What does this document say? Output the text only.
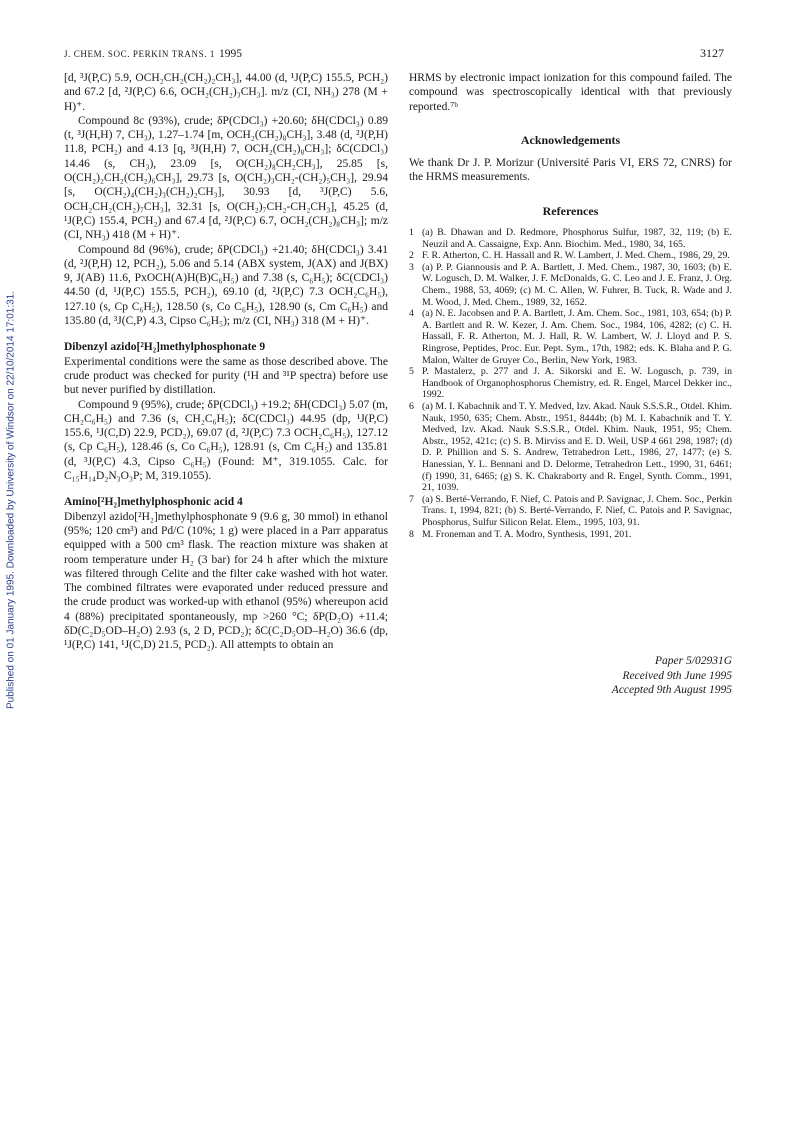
J. CHEM. SOC. PERKIN TRANS. 1 1995	3127
Published on 01 January 1995. Downloaded by University of Windsor on 22/10/2014 17:01:31.

[d, ³J(P,C) 5.9, OCH₂CH₂(CH₂)₂CH₃], 44.00 (d, ¹J(P,C) 155.5, PCH₂) and 67.2 [d, ²J(P,C) 6.6, OCH₂(CH₂)₃CH₃]. m/z (CI, NH₃) 278 (M + H)⁺.

Compound 8c (93%), crude; δP(CDCl₃) +20.60; δH(CDCl₃) 0.89 (t, ³J(H,H) 7, CH₃), 1.27–1.74 [m, OCH₂(CH₂)₈CH₃], 3.48 (d, ²J(P,H) 11.8, PCH₂) and 4.13 [q, ³J(H,H) 7, OCH₂(CH₂)₈CH₃]; δC(CDCl₃) 14.46 (s, CH₃), 23.09 [s, O(CH₂)₈CH₂CH₃], 25.85 [s, O(CH₂)₂CH₂(CH₂)₆CH₃], 29.73 [s, O(CH₂)₃CH₂-(CH₂)₅CH₃], 29.94 [s, O(CH₂)₄(CH₂)₃(CH₂)₂CH₃], 30.93 [d, ³J(P,C) 5.6, OCH₂CH₂(CH₂)₇CH₃], 32.31 [s, O(CH₂)₇CH₂-CH₂CH₃], 45.25 (d, ¹J(P,C) 155.4, PCH₂) and 67.4 [d, ²J(P,C) 6.7, OCH₂(CH₂)₈CH₃]; m/z (CI, NH₃) 418 (M + H)⁺.

Compound 8d (96%), crude; δP(CDCl₃) +21.40; δH(CDCl₃) 3.41 (d, ²J(P,H) 12, PCH₂), 5.06 and 5.14 (ABX system, J(AX) and J(BX) 9, J(AB) 11.6, PxOCH(A)H(B)C₆H₅) and 7.38 (s, C₆H₅); δC(CDCl₃) 44.50 (d, ¹J(P,C) 155.5, PCH₂), 69.10 (d, ²J(P,C) 7.3 OCH₂C₆H₅), 127.10 (s, Cp C₆H₅), 128.50 (s, Co C₆H₅), 128.90 (s, Cm C₆H₅) and 135.80 (d, ³J(C,P) 4.3, Cipso C₆H₅); m/z (CI, NH₃) 318 (M + H)⁺.

Dibenzyl azido[²H₂]methylphosphonate 9

Experimental conditions were the same as those described above. The crude product was checked for purity (¹H and ³¹P spectra) before use but never purified by distillation.

Compound 9 (95%), crude; δP(CDCl₃) +19.2; δH(CDCl₃) 5.07 (m, CH₂C₆H₅) and 7.36 (s, CH₂C₆H₅); δC(CDCl₃) 44.95 (dp, ¹J(P,C) 155.6, ¹J(C,D) 22.9, PCD₂), 69.07 (d, ²J(P,C) 7.3 OCH₂C₆H₅), 127.12 (s, Cp C₆H₅), 128.46 (s, Co C₆H₅), 128.91 (s, Cm C₆H₅) and 135.81 (d, ³J(P,C) 4.3, Cipso C₆H₅) (Found: M⁺, 319.1055. Calc. for C₁₅H₁₄D₂N₃O₃P; M, 319.1055).

Amino[²H₂]methylphosphonic acid 4

Dibenzyl azido[²H₂]methylphosphonate 9 (9.6 g, 30 mmol) in ethanol (95%; 120 cm³) and Pd/C (10%; 1 g) were placed in a Parr apparatus equipped with a 500 cm³ flask. The reaction mixture was shaken at room temperature under H₂ (3 bar) for 24 h after which the mixture was filtered through Celite and the filter cake washed with hot water. The combined filtrates were evaporated under reduced pressure and the crude product was worked-up with ethanol (95%) whereupon acid 4 (88%) precipitated spontaneously, mp >260 °C; δP(D₂O) +11.4; δD(C₂D₅OD–H₂O) 2.93 (s, 2 D, PCD₂); δC(C₂D₅OD–H₂O) 36.6 (dp, ¹J(P,C) 141, ¹J(C,D) 21.5, PCD₂). All attempts to obtain an

HRMS by electronic impact ionization for this compound failed. The compound was spectroscopically identical with that previously reported.⁷ᵇ

Acknowledgements

We thank Dr J. P. Morizur (Université Paris VI, ERS 72, CNRS) for the HRMS measurements.

References
1 (a) B. Dhawan and D. Redmore, Phosphorus Sulfur, 1987, 32, 119; (b) E. Neuzil and A. Cassaigne, Exp. Ann. Biochim. Med., 1980, 34, 165.
2 F. R. Atherton, C. H. Hassall and R. W. Lambert, J. Med. Chem., 1986, 29, 29.
3 (a) P. P. Giannousis and P. A. Bartlett, J. Med. Chem., 1987, 30, 1603; (b) E. W. Logusch, D. M. Walker, J. F. McDonalds, G. C. Leo and J. E. Franz, J. Org. Chem., 1988, 53, 4069; (c) M. C. Allen, W. Fuhrer, B. Tuck, R. Wade and J. M. Wood, J. Med. Chem., 1989, 32, 1652.
4 (a) N. E. Jacobsen and P. A. Bartlett, J. Am. Chem. Soc., 1981, 103, 654; (b) P. A. Bartlett and R. W. Kezer, J. Am. Chem. Soc., 1984, 106, 4282; (c) C. H. Hassall, F. R. Atherton, M. J. Hall, R. W. Lambert, W. J. Lloyd and P. S. Ringrose, Peptides, Proc. Eur. Pept. Sym., 17th, 1982; eds. K. Blaha and P. G. Malon, Walter de Gruyer Co., Berlin, New York, 1983.
5 P. Mastalerz, p. 277 and J. A. Sikorski and E. W. Logusch, p. 739, in Handbook of Organophosphorus Chemistry, ed. R. Engel, Marcel Dekker inc., 1992.
6 (a) M. I. Kabachnik and T. Y. Medved, Izv. Akad. Nauk S.S.S.R., Otdel. Khim. Nauk, 1950, 635; Chem. Abstr., 1951, 8444b; (b) M. I. Kabachnik and T. Y. Medved, Izv. Akad. Nauk S.S.S.R., Otdel. Khim. Nauk, 1951, 95; Chem. Abstr., 1952, 421c; (c) S. B. Mirviss and E. D. Weil, USP 4 661 298, 1987; (d) D. P. Phillion and S. S. Andrew, Tetrahedron Lett., 1986, 27, 1477; (e) S. Hanessian, Y. L. Bennani and D. Delorme, Tetrahedron Lett., 1990, 31, 6461; (f) 1990, 31, 6465; (g) S. K. Chakraborty and R. Engel, Synth. Comm., 1991, 21, 1039.
7 (a) S. Berté-Verrando, F. Nief, C. Patois and P. Savignac, J. Chem. Soc., Perkin Trans. 1, 1994, 821; (b) S. Berté-Verrando, F. Nief, C. Patois and P. Savignac, Phosphorus, Sulfur Silicon Relat. Elem., 1995, 103, 91.
8 M. Froneman and T. A. Modro, Synthesis, 1991, 201.
Paper 5/02931G
Received 9th June 1995
Accepted 9th August 1995
